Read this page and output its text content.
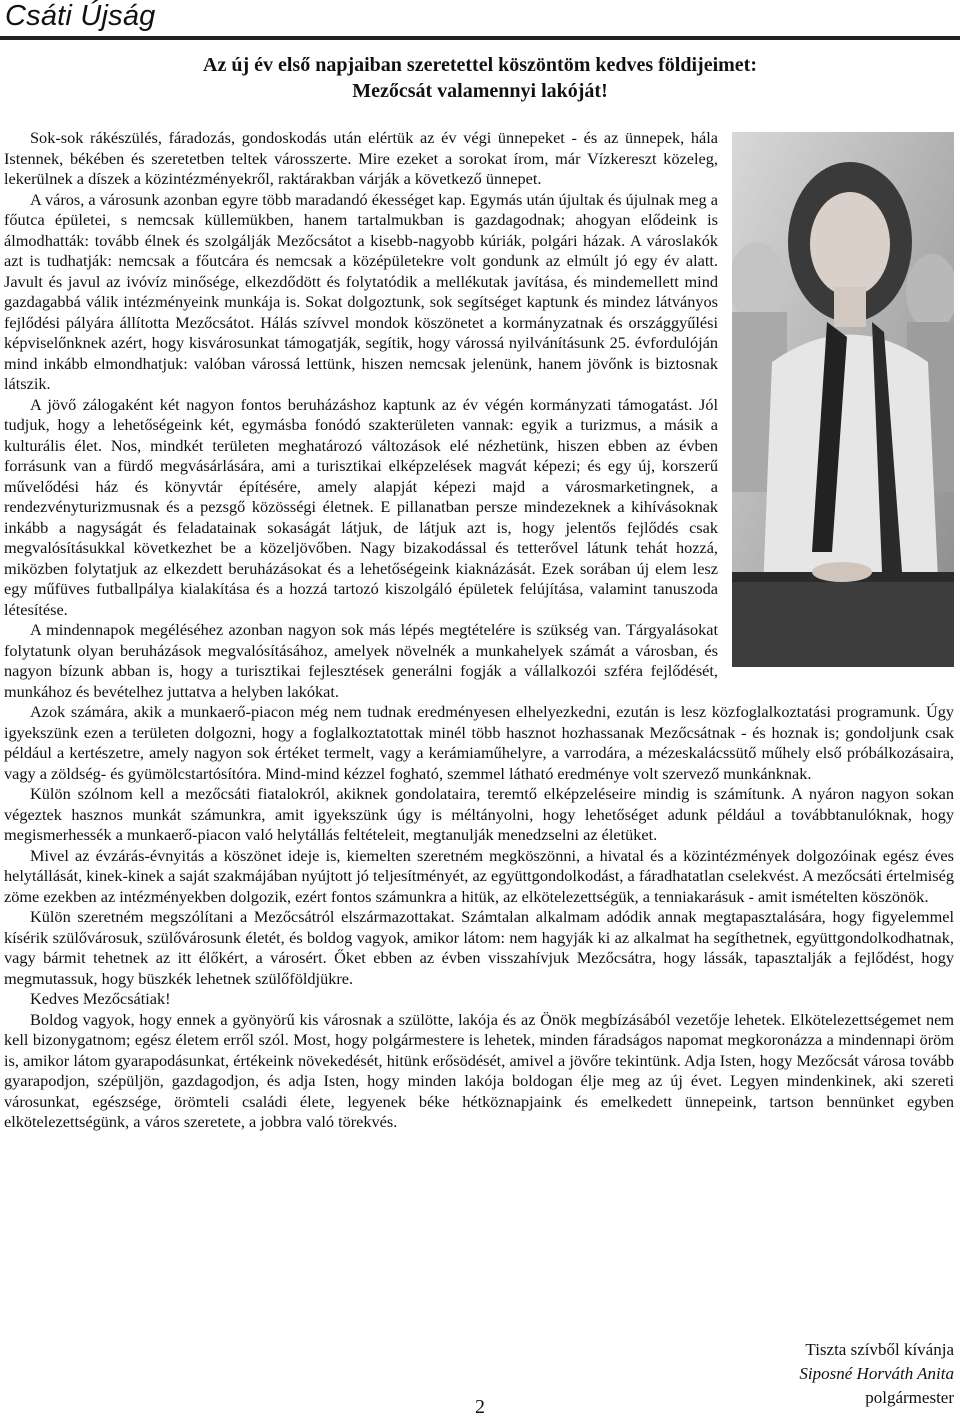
Csáti Újság
Az új év első napjaiban szeretettel köszöntöm kedves földijeimet:
Mezőcsát valamennyi lakóját!

Sok-sok rákészülés, fáradozás, gondoskodás után elértük az év végi ünnepeket - és az ünnepek, hála Istennek, békében és szeretetben teltek városszerte. Mire ezeket a sorokat írom, már Vízkereszt közeleg, lekerülnek a díszek a közintézményekről, raktárakban várják a következő ünnepet.

A város, a városunk azonban egyre több maradandó ékességet kap. Egymás után újultak és újulnak meg a főutca épületei, s nemcsak küllemükben, hanem tartalmukban is gazdagodnak; ahogyan elődeink is álmodhatták: tovább élnek és szolgálják Mezőcsátot a kisebb-nagyobb kúriák, polgári házak. A városlakók azt is tudhatják: nemcsak a főutcára és nemcsak a középületekre volt gondunk az elmúlt jó egy év alatt. Javult és javul az ivóvíz minősége, elkezdődött és folytatódik a mellékutak javítása, és mindemellett mind gazdagabbá válik intézményeink munkája is. Sokat dolgoztunk, sok segítséget kaptunk és mindez látványos fejlődési pályára állította Mezőcsátot. Hálás szívvel mondok köszönetet a kormányzatnak és országgyűlési képviselőnknek azért, hogy kisvárosunkat támogatják, segítik, hogy várossá nyilvánításunk 25. évfordulóján mind inkább elmondhatjuk: valóban várossá lettünk, hiszen nemcsak jelenünk, hanem jövőnk is biztosnak látszik.

A jövő zálogaként két nagyon fontos beruházáshoz kaptunk az év végén kormányzati támogatást. Jól tudjuk, hogy a lehetőségeink két, egymásba fonódó szakterületen vannak: egyik a turizmus, a másik a kulturális élet. Nos, mindkét területen meghatározó változások elé nézhetünk, hiszen ebben az évben forrásunk van a fürdő megvásárlására, ami a turisztikai elképzelések magvát képezi; és egy új, korszerű művelődési ház és könyvtár építésére, amely alapját képezi majd a városmarketingnek, a rendezvényturizmusnak és a pezsgő közösségi életnek. E pillanatban persze mindezeknek a kihívásoknak inkább a nagyságát és feladatainak sokaságát látjuk, de látjuk azt is, hogy jelentős fejlődés csak megvalósításukkal következhet be a közeljövőben. Nagy bizakodással és tetterővel látunk tehát hozzá, miközben folytatjuk az elkezdett beruházásokat és a lehetőségeink kiaknázását. Ezek sorában új elem lesz egy műfüves futballpálya kialakítása és a hozzá tartozó kiszolgáló épületek felújítása, valamint tanuszoda létesítése.

A mindennapok megéléséhez azonban nagyon sok más lépés megtételére is szükség van. Tárgyalásokat folytatunk olyan beruházások megvalósításához, amelyek növelnék a munkahelyek számát a városban, és nagyon bízunk abban is, hogy a turisztikai fejlesztések generálni fogják a vállalkozói szféra fejlődését, munkához és bevételhez juttatva a helyben lakókat.

Azok számára, akik a munkaerő-piacon még nem tudnak eredményesen elhelyezkedni, ezután is lesz közfoglalkoztatási programunk. Úgy igyekszünk ezen a területen dolgozni, hogy a foglalkoztatottak minél több hasznot hozhassanak Mezőcsátnak - és hoznak is; gondoljunk csak például a kertészetre, amely nagyon sok értéket termelt, vagy a kerámiaműhelyre, a varrodára, a mézeskalácssütő műhely első próbálkozásaira, vagy a zöldség- és gyümölcstartósítóra. Mind-mind kézzel fogható, szemmel látható eredménye volt szervező munkánknak.

Külön szólnom kell a mezőcsáti fiatalokról, akiknek gondolataira, teremtő elképzeléseire mindig is számítunk. A nyáron nagyon sokan végeztek hasznos munkát számunkra, amit igyekszünk úgy is méltányolni, hogy lehetőséget adunk például a továbbtanulóknak, hogy megismerhessék a munkaerő-piacon való helytállás feltételeit, megtanulják menedzselni az életüket.

Mivel az évzárás-évnyitás a köszönet ideje is, kiemelten szeretném megköszönni, a hivatal és a közintézmények dolgozóinak egész éves helytállását, kinek-kinek a saját szakmájában nyújtott jó teljesítményét, az együttgondolkodást, a fáradhatatlan cselekvést. A mezőcsáti értelmiség zöme ezekben az intézményekben dolgozik, ezért fontos számunkra a hitük, az elkötelezettségük, a tenniakarásuk - amit ismételten köszönök.

Külön szeretném megszólítani a Mezőcsátról elszármazottakat. Számtalan alkalmam adódik annak megtapasztalására, hogy figyelemmel kísérik szülővárosuk, szülővárosunk életét, és boldog vagyok, amikor látom: nem hagyják ki az alkalmat ha segíthetnek, együttgondolkodhatnak, vagy bármit tehetnek az itt élőkért, a városért. Őket ebben az évben visszahívjuk Mezőcsátra, hogy lássák, tapasztalják a fejlődést, hogy megmutassuk, hogy büszkék lehetnek szülőföldjükre.

Kedves Mezőcsátiak!

Boldog vagyok, hogy ennek a gyönyörű kis városnak a szülötte, lakója és az Önök megbízásából vezetője lehetek. Elkötelezettségemet nem kell bizonygatnom; egész életem erről szól. Most, hogy polgármestere is lehetek, minden fáradságos napomat megkoronázza a mindennapi öröm is, amikor látom gyarapodásunkat, értékeink növekedését, hitünk erősödését, amivel a jövőre tekintünk. Adja Isten, hogy Mezőcsát városa tovább gyarapodjon, szépüljön, gazdagodjon, és adja Isten, hogy minden lakója boldogan élje meg az új évet. Legyen mindenkinek, aki szereti városunkat, egészsége, örömteli családi élete, legyenek béke hétköznapjaink és emelkedett ünnepeink, tartson bennünket egyben elkötelezettségünk, a város szeretete, a jobbra való törekvés.

Tiszta szívből kívánja
Siposné Horváth Anita
polgármester
2
